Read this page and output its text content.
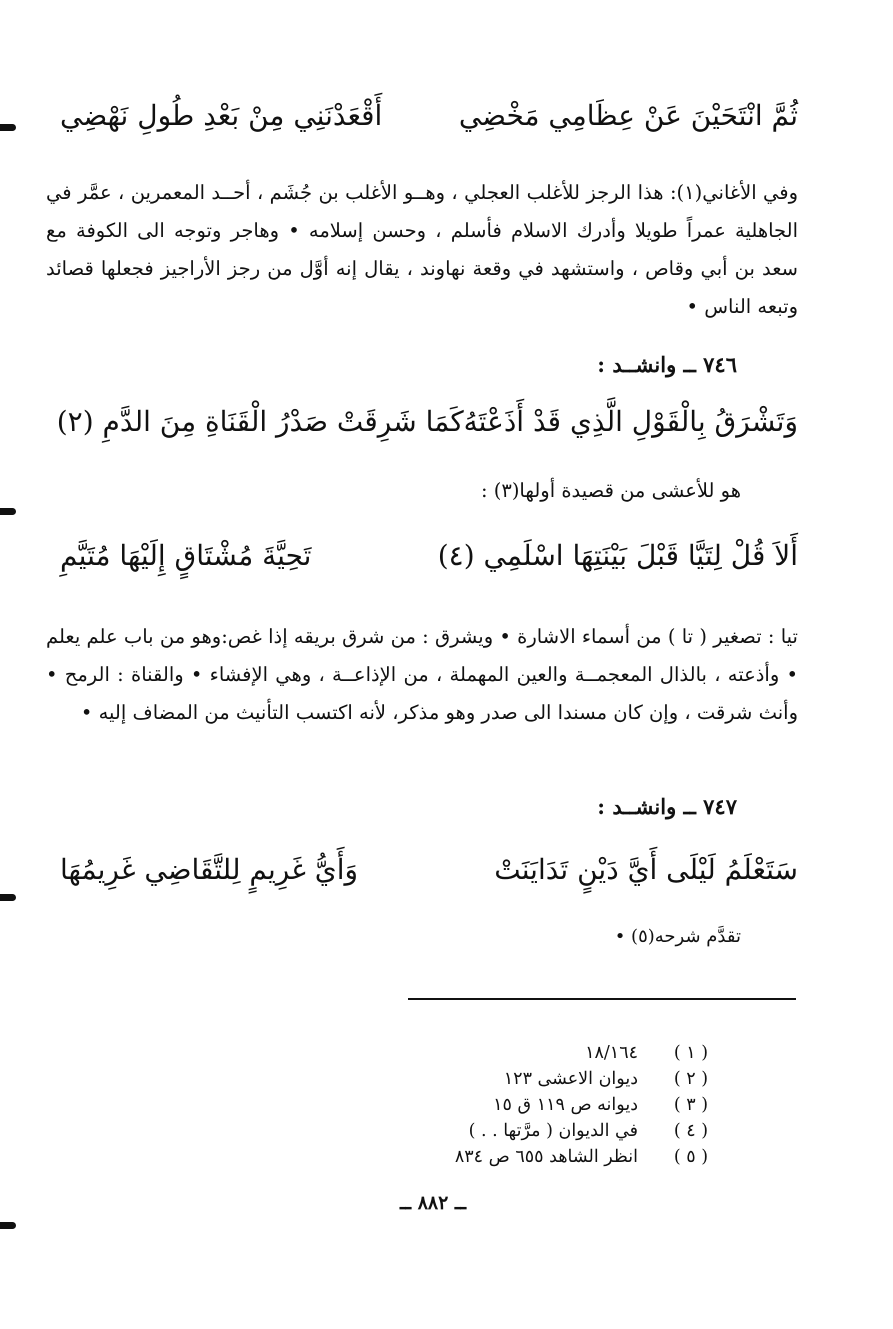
ثُمَّ انْتَحَيْنَ عَنْ عِظَامِي مَخْضِي
أَقْعَدْنَنِي مِنْ بَعْدِ طُولِ نَهْضِي
وفي الأغاني(١): هذا الرجز للأغلب العجلي ، وهــو الأغلب بن جُشَم ، أحــد المعمرين ، عمَّر في الجاهلية عمراً طويلا وأدرك الاسلام فأسلم ، وحسن إسلامه • وهاجر وتوجه الى الكوفة مع سعد بن أبي وقاص ، واستشهد في وقعة نهاوند ، يقال إنه أوَّل من رجز الأراجيز فجعلها قصائد وتبعه الناس •
٧٤٦ ــ وانشــد :
وَتَشْرَقُ بِالْقَوْلِ الَّذِي قَدْ أَذَعْتَهُ
كَمَا شَرِقَتْ صَدْرُ الْقَنَاةِ مِنَ الدَّمِ (٢)
هو للأعشى من قصيدة أولها(٣) :
أَلاَ قُلْ لِتَيَّا قَبْلَ بَيْنَتِهَا اسْلَمِي (٤)
تَحِيَّةَ مُشْتَاقٍ إِلَيْهَا مُتَيَّمِ
تيا : تصغير ( تا ) من أسماء الاشارة • ويشرق : من شرق بريقه إذا غص:وهو من باب علم يعلم • وأذعته ، بالذال المعجمــة والعين المهملة ، من الإذاعــة ، وهي الإفشاء • والقناة : الرمح • وأنث شرقت ، وإن كان مسندا الى صدر وهو مذكر، لأنه اكتسب التأنيث من المضاف إليه •
٧٤٧ ــ وانشــد :
سَتَعْلَمُ لَيْلَى أَيَّ دَيْنٍ تَدَايَنَتْ
وَأَيُّ غَرِيمٍ لِلتَّقَاضِي غَرِيمُهَا
تقدَّم شرحه(٥) •
( ١ )
١٨/١٦٤
( ٢ )
ديوان الاعشى ١٢٣
( ٣ )
ديوانه ص ١١٩ ق ١٥
( ٤ )
في الديوان ( مرَّتها . . )
( ٥ )
انظر الشاهد ٦٥٥ ص ٨٣٤
ــ ٨٨٢ ــ
